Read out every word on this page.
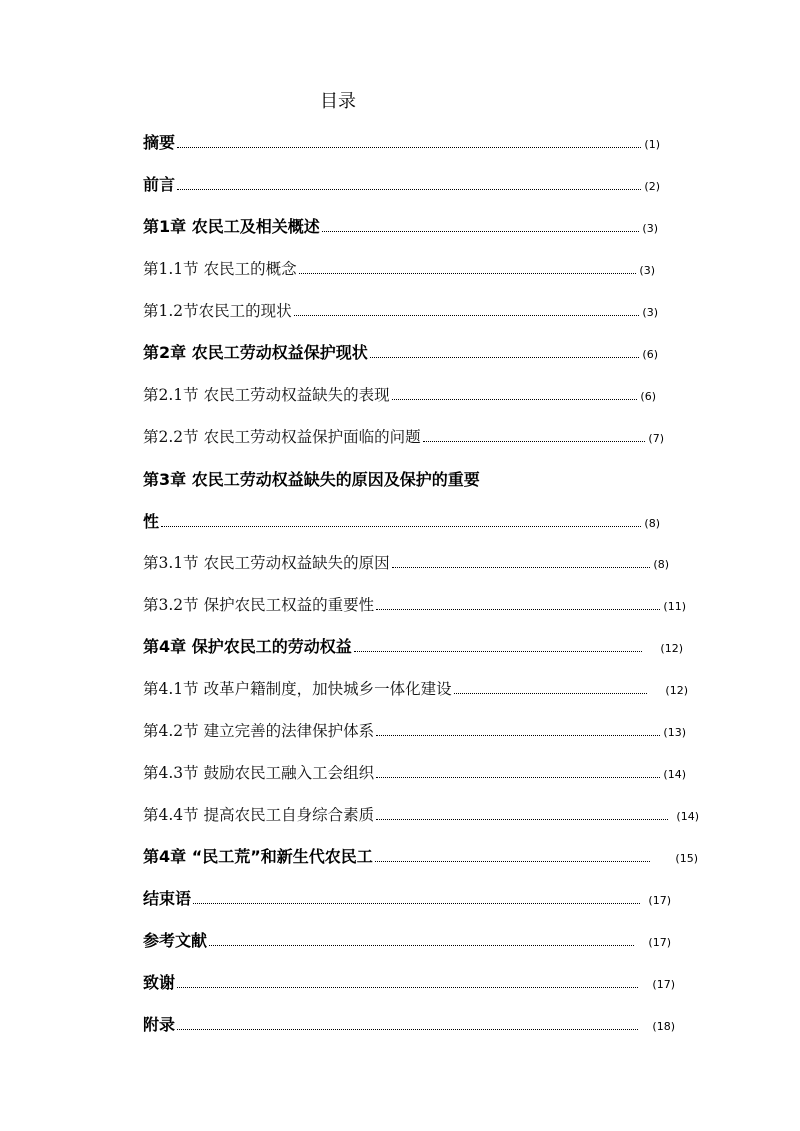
目录
摘要	(1)
前言	(2)
第1章 农民工及相关概述	(3)
第1.1节 农民工的概念	(3)
第1.2节农民工的现状	(3)
第2章 农民工劳动权益保护现状	(6)
第2.1节 农民工劳动权益缺失的表现	(6)
第2.2节 农民工劳动权益保护面临的问题	(7)
第3章 农民工劳动权益缺失的原因及保护的重要
性	(8)
第3.1节 农民工劳动权益缺失的原因	(8)
第3.2节 保护农民工权益的重要性	(11)
第4章 保护农民工的劳动权益	(12)
第4.1节 改革户籍制度，加快城乡一体化建设	(12)
第4.2节 建立完善的法律保护体系	(13)
第4.3节 鼓励农民工融入工会组织	(14)
第4.4节 提高农民工自身综合素质	(14)
第4章 “民工荒”和新生代农民工	(15)
结束语	(17)
参考文献	(17)
致谢	(17)
附录	(18)
